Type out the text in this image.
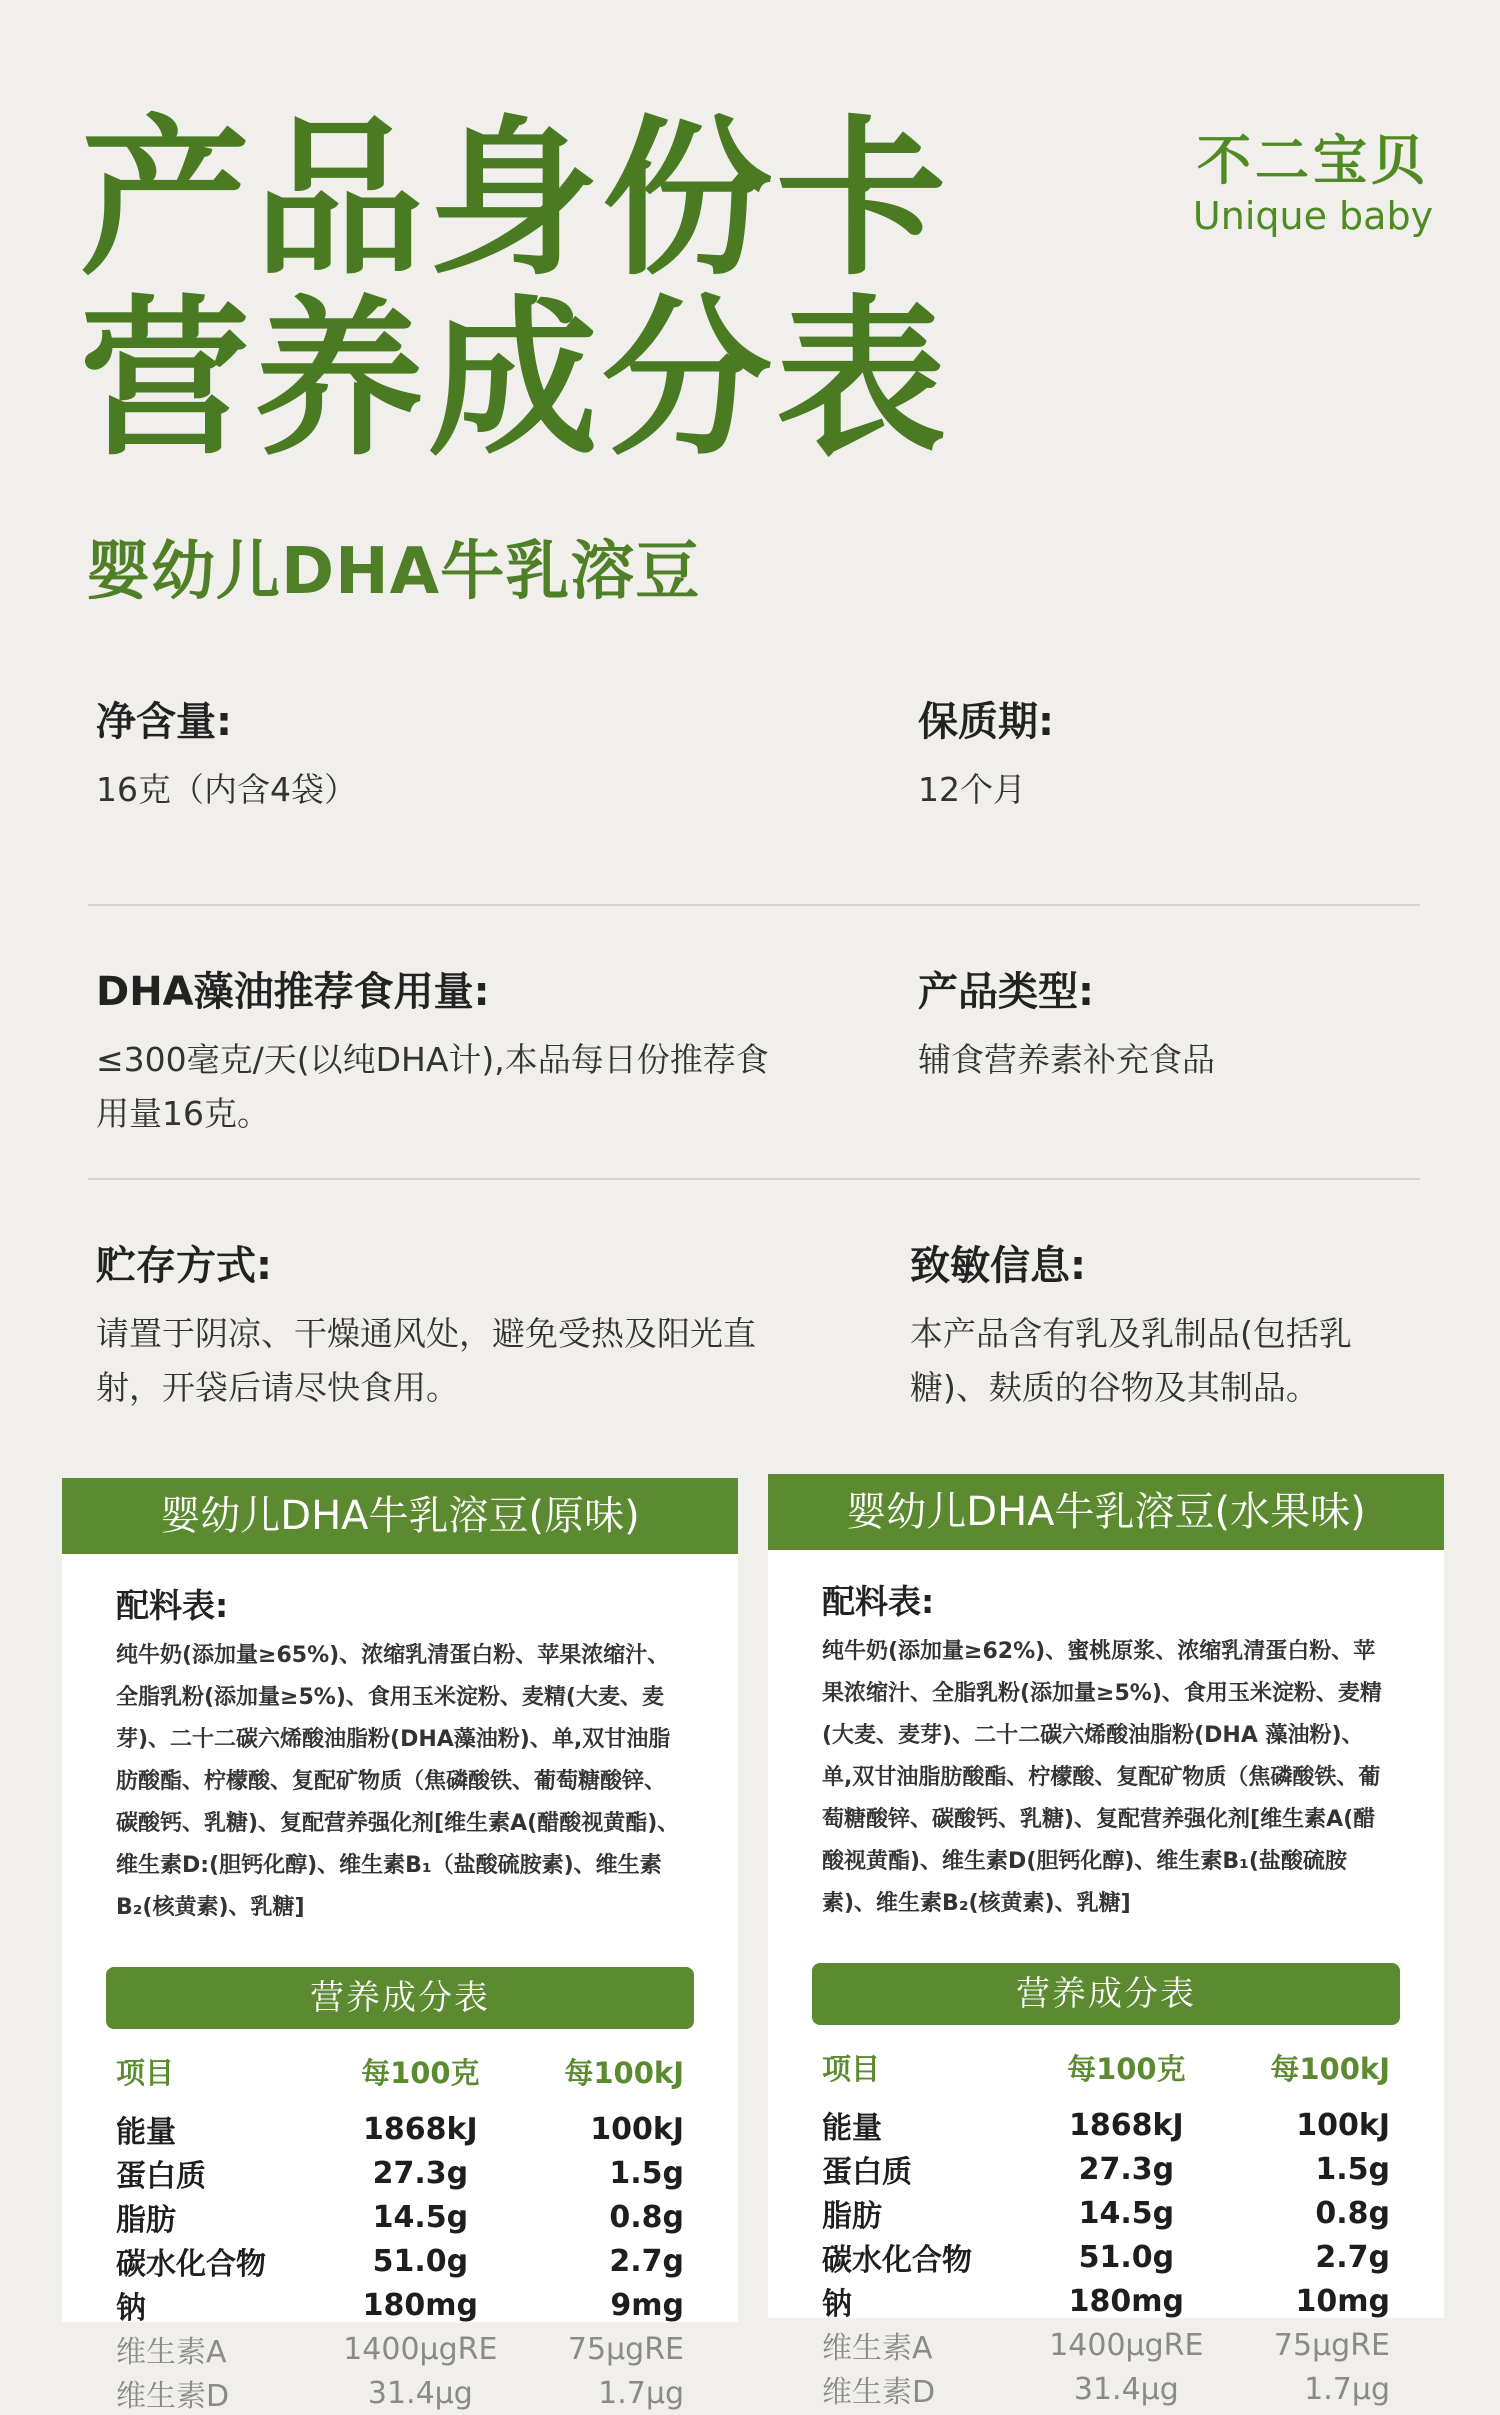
产品身份卡
营养成分表
婴幼儿DHA牛乳溶豆
不二宝贝
Unique baby
净含量:
16克（内含4袋）
保质期:
12个月
DHA藻油推荐食用量:
≤300毫克/天(以纯DHA计),本品每日份推荐食用量16克。
产品类型:
辅食营养素补充食品
贮存方式:
请置于阴凉、干燥通风处，避免受热及阳光直射，开袋后请尽快食用。
致敏信息:
本产品含有乳及乳制品(包括乳糖)、麸质的谷物及其制品。
婴幼儿DHA牛乳溶豆(原味)
配料表:
纯牛奶(添加量≥65%)、浓缩乳清蛋白粉、苹果浓缩汁、全脂乳粉(添加量≥5%)、食用玉米淀粉、麦精(大麦、麦芽)、二十二碳六烯酸油脂粉(DHA藻油粉)、单,双甘油脂肪酸酯、柠檬酸、复配矿物质（焦磷酸铁、葡萄糖酸锌、碳酸钙、乳糖)、复配营养强化剂[维生素A(醋酸视黄酯)、维生素D:(胆钙化醇)、维生素B₁（盐酸硫胺素)、维生素B₂(核黄素)、乳糖]
营养成分表
项目	每100克	每100kJ
能量	1868kJ	100kJ
蛋白质	27.3g	1.5g
脂肪	14.5g	0.8g
碳水化合物	51.0g	2.7g
钠	180mg	9mg
维生素A	1400μgRE	75μgRE
维生素D	31.4μg	1.7μg
婴幼儿DHA牛乳溶豆(水果味)
配料表:
纯牛奶(添加量≥62%)、蜜桃原浆、浓缩乳清蛋白粉、苹果浓缩汁、全脂乳粉(添加量≥5%)、食用玉米淀粉、麦精(大麦、麦芽)、二十二碳六烯酸油脂粉(DHA 藻油粉)、单,双甘油脂肪酸酯、柠檬酸、复配矿物质（焦磷酸铁、葡萄糖酸锌、碳酸钙、乳糖)、复配营养强化剂[维生素A(醋酸视黄酯)、维生素D(胆钙化醇)、维生素B₁(盐酸硫胺素)、维生素B₂(核黄素)、乳糖]
营养成分表
项目	每100克	每100kJ
能量	1868kJ	100kJ
蛋白质	27.3g	1.5g
脂肪	14.5g	0.8g
碳水化合物	51.0g	2.7g
钠	180mg	10mg
维生素A	1400μgRE	75μgRE
维生素D	31.4μg	1.7μg
